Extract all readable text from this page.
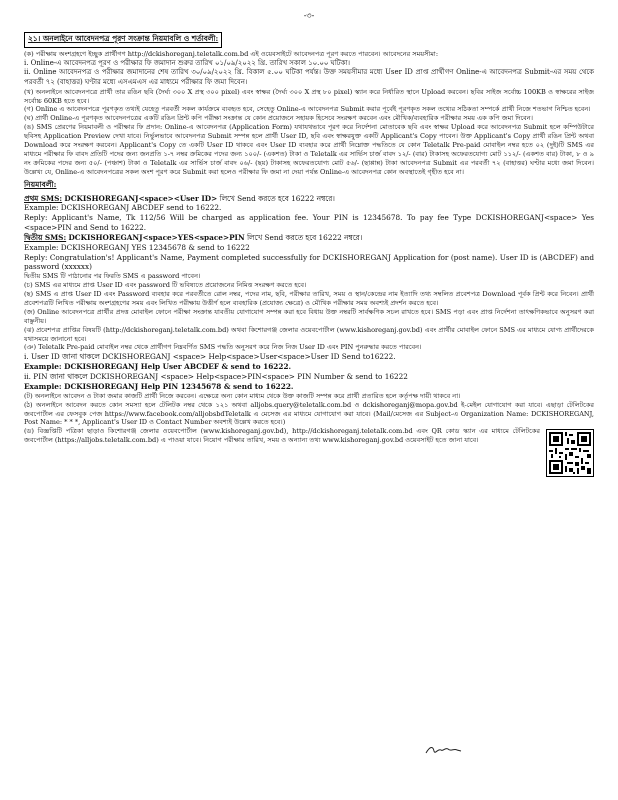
-৩-
২১। অনলাইনে আবেদনপত্র পূরণ সংক্রান্ত নিয়মাবলি ও শর্তাবলী:

(ক) পরীক্ষায় অংশগ্রহণে ইচ্ছুক প্রার্থীগণ http://dckishoreganj.teletalk.com.bd এই ওয়েবসাইটে আবেদনপত্র পূরণ করতে পারবেন। আবেদনের সময়সীমা:

i. Online-এ আবেদনপত্র পূরণ ও পরীক্ষার ফি জমাদান শুরুর তারিখ ০১/০৯/২০২২ খ্রি. তারিখ সকাল ১০.০০ ঘটিকা।

ii. Online আবেদনপত্র ও পরীক্ষার জমাদানের শেষ তারিখ ৩০/০৯/২০২২ খ্রি. বিকাল ৫.০০ ঘটিকা পর্যন্ত। উক্ত সময়সীমার মধ্যে User ID প্রাপ্ত প্রার্থীগণ Online-এ আবেদনপত্র Submit-এর সময় থেকে পরবর্তী ৭২ (বাহাত্তর) ঘণ্টার মধ্যে এসএমএস এর মাধ্যমে পরীক্ষার ফি জমা দিবেন।

(খ) অনলাইনে আবেদনপত্রে প্রার্থী তার রঙিন ছবি (দৈর্ঘ্য ৩০০ X প্রস্থ ৩০০ pixel) এবং স্বাক্ষর (দৈর্ঘ্য ৩০০ X প্রস্থ ৮০ pixel) স্ক্যান করে নির্ধারিত স্থানে Upload করবেন। ছবির সাইজ সর্বোচ্চ 100KB ও স্বাক্ষরের সাইজ সর্বোচ্চ 60KB হতে হবে।

(গ) Online এ আবেদনপত্রে পূরণকৃত তথ্যই যেহেতু পরবর্তী সকল কার্যক্রমে ব্যবহৃত হবে, সেহেতু Online-এ আবেদনপত্র Submit করার পূর্বেই পূরণকৃত সকল তথ্যের সঠিকতা সম্পর্কে প্রার্থী নিজে শতভাগ নিশ্চিত হবেন।

(ঘ) প্রার্থী Online-এ পূরণকৃত আবেদনপত্রের একটি রঙিন প্রিন্ট কপি পরীক্ষা সংক্রান্ত যে কোন প্রয়োজনে সহায়ক হিসেবে সংরক্ষণ করবেন এবং মৌখিক/ব্যবহারিক পরীক্ষার সময় এক কপি জমা দিবেন।

(ঙ) SMS প্রেরণের নিয়মাবলী ও পরীক্ষার ফি প্রদান: Online-এ আবেদনপত্র (Application Form) যথাযথভাবে পূরণ করে নির্দেশনা মোতাবেক ছবি এবং স্বাক্ষর Upload করে আবেদনপত্র Submit হলে কম্পিউটারে ছবিসহ Application Preview দেখা যাবে। নির্ভুলভাবে আবেদনপত্র Submit সম্পন্ন হলে প্রার্থী User ID, ছবি এবং স্বাক্ষরযুক্ত একটি Applicant's Copy পাবেন। উক্ত Applicant's Copy প্রার্থী রঙিন প্রিন্ট অথবা Download করে সংরক্ষণ করবেন। Applicant's Copy তে একটি User ID থাকবে এবং User ID ব্যবহার করে প্রার্থী নিম্নোক্ত পদ্ধতিতে যে কোন Teletalk Pre-paid মোবাইল নম্বর হতে ০২ (দুই)টি SMS এর মাধ্যমে পরীক্ষার ফি বাবদ প্রতিটি পদের জন্য জনপ্রতি ১-৭ নম্বর ক্রমিকের পদের জন্য ১০০/- (একশত) টাকা ও Teletalk এর সার্ভিস চার্জ বাবদ ১২/- (বার) টাকাসহ অফেরতযোগ্য মোট ১১২/- (একশত বার) টাকা, ৮ ও ৯ নং ক্রমিকের পদের জন্য ৫০/- (পঞ্চাশ) টাকা ও Teletalk এর সার্ভিস চার্জ বাবদ ০৬/- (ছয়) টাকাসহ অফেরতযোগ্য মোট ৫৬/- (ছাপ্পান্ন) টাকা আবেদনপত্র Submit এর পরবর্তী ৭২ (বাহাত্তর) ঘণ্টার মধ্যে জমা দিবেন। উল্লেখ্য যে, Online-এ আবেদনপত্রের সকল অংশ পূরণ করে Submit করা হলেও পরীক্ষার ফি জমা না দেয়া পর্যন্ত Online-এ আবেদনপত্র কোন অবস্থাতেই গৃহীত হবে না।

নিয়মাবলী:

প্রথম SMS: DCKISHOREGANJ<space><User ID> লিখে Send করতে হবে 16222 নম্বরে।

Example: DCKISHOREGANJ ABCDEF send to 16222.

Reply: Applicant's Name, Tk 112/56 Will be charged as application fee. Your PIN is 12345678. To pay fee Type DCKISHOREGANJ<space> Yes <space>PIN and Send to 16222.

দ্বিতীয় SMS: DCKISHOREGANJ<space>YES<space>PIN লিখে Send করতে হবে 16222 নম্বরে।

Example: DCKISHOREGANJ YES 12345678 & send to 16222

Reply: Congratulation's! Applicant's Name, Payment completed successfully for DCKISHOREGANJ Application for (post name). User ID is (ABCDEF) and password (xxxxxx)

দ্বিতীয় SMS টি পাঠানোর পর ফিরতি SMS এ password পাবেন।

(চ) SMS এর মাধ্যমে প্রাপ্ত User ID এবং password টি ভবিষ্যতে প্রয়োজনের নিমিত্ত সংরক্ষণ করতে হবে।

(ছ) SMS এ প্রাপ্ত User ID এবং Password ব্যবহার করে পরবর্তীতে রোল নম্বর, পদের নাম, ছবি, পরীক্ষার তারিখ, সময় ও স্থান/কেন্দ্রের নাম ইত্যাদি তথ্য সম্বলিত প্রবেশপত্র Download পূর্বক প্রিন্ট করে নিবেন। প্রার্থী প্রবেশপত্রটি লিখিত পরীক্ষায় অংশগ্রহণের সময় এবং লিখিত পরীক্ষায় উত্তীর্ণ হলে ব্যবহারিক (প্রযোজ্য ক্ষেত্রে) ও মৌখিক পরীক্ষার সময় অবশ্যই প্রদর্শন করতে হবে।

(জ) Online আবেদনপত্রে প্রার্থীর প্রদত্ত মোবাইল ফোনে পরীক্ষা সংক্রান্ত যাবতীয় যোগাযোগ সম্পন্ন করা হবে বিধায় উক্ত নম্বরটি সার্বক্ষণিক সচল রাখতে হবে। SMS পড়া এবং প্রাপ্ত নির্দেশনা তাৎক্ষণিকভাবে অনুসরণ করা বাঞ্ছনীয়।

(ঝ) প্রবেশপত্র প্রাপ্তির বিষয়টি (http://dckishoreganj.teletalk.com.bd) অথবা কিশোরগঞ্জ জেলার ওয়েবপোর্টাল (www.kishoreganj.gov.bd) এবং প্রার্থীর মোবাইল ফোনে SMS এর মাধ্যমে যোগ্য প্রার্থীদেরকে যথাসময়ে জানানো হবে।

(ঞ) Teletalk Pre-paid মোবাইল নম্বর থেকে প্রার্থীগণ নিম্নবর্ণিত SMS পদ্ধতি অনুসরণ করে নিজ নিজ User ID এবং PIN পুনরুদ্ধার করতে পারবেন।

i. User ID জানা থাকলে DCKISHOREGANJ <space> Help<space>User<space>User ID Send to16222.

Example: DCKISHOREGANJ Help User ABCDEF & send to 16222.

ii. PIN জানা থাকলে DCKISHOREGANJ <space> Help<space>PIN<space> PIN Number & send to 16222

Example: DCKISHOREGANJ Help PIN 12345678 & send to 16222.

(ট) অনলাইনে আবেদন ও টাকা জমার কাজটি প্রার্থী নিজে করবেন। এক্ষেত্রে অন্য কোন মাধ্যম থেকে উক্ত কাজটি সম্পন্ন করে প্রার্থী প্রতারিত হলে কর্তৃপক্ষ দায়ী থাকবে না।

(ঠ) অনলাইনে আবেদন করতে কোন সমস্যা হলে টেলিটক নম্বর থেকে ১২১ অথবা alljobs.query@teletalk.com.bd ও dckishoreganj@mopa.gov.bd ই-মেইল যোগাযোগ করা যাবে। এছাড়া টেলিটকের জবপোর্টাল এর ফেসবুক পেজ https://www.facebook.com/alljobsbdTeletalk এ মেসেজ এর মাধ্যমে যোগাযোগ করা যাবে। (Mail/মেসেজ এর Subject-এ Organization Name: DCKISHOREGANJ, Post Name: * * *, Applicant's User ID ও Contact Number অবশ্যই উল্লেখ করতে হবে।)

(ড) বিজ্ঞপ্তিটি পত্রিকা ছাড়াও কিশোরগঞ্জ জেলার ওয়েবপোর্টাল (www.kishoreganj.gov.bd), http://dckishoreganj.teletalk.com.bd এবং QR কোড স্ক্যান এর মাধ্যমে টেলিটকের জবপোর্টাল (https://alljobs.teletalk.com.bd) এ পাওয়া যাবে। নিয়োগ পরীক্ষার তারিখ, সময় ও অন্যান্য তথ্য www.kishoreganj.gov.bd ওয়েবসাইট হতে জানা যাবে।
